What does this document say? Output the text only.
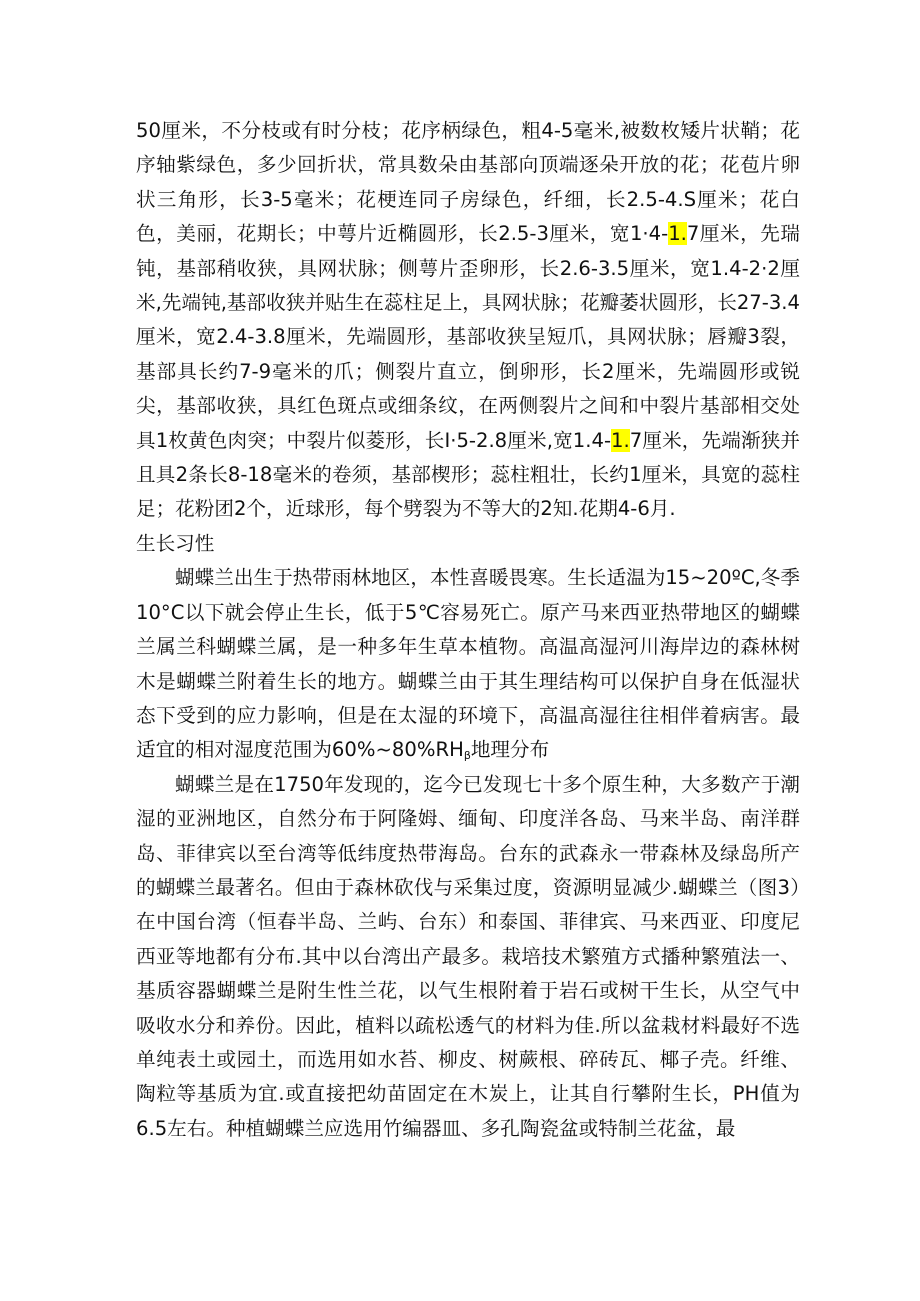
50厘米，不分枝或有时分枝；花序柄绿色，粗4-5毫米,被数枚矮片状鞘；花序轴紫绿色，多少回折状，常具数朵由基部向顶端逐朵开放的花；花苞片卵状三角形，长3-5毫米；花梗连同子房绿色，纤细，长2.5-4.S厘米；花白色，美丽，花期长；中萼片近椭圆形，长2.5-3厘米，宽1·4-1.7厘米，先瑞钝，基部稍收狭，具网状脉；侧萼片歪卵形，长2.6-3.5厘米，宽1.4-2·2厘米,先端钝,基部收狭并贴生在蕊柱足上，具网状脉；花瓣萎状圆形，长27-3.4厘米，宽2.4-3.8厘米，先端圆形，基部收狭呈短爪，具网状脉；唇瓣3裂，基部具长约7-9毫米的爪；侧裂片直立，倒卵形，长2厘米，先端圆形或锐尖，基部收狭，具红色斑点或细条纹，在两侧裂片之间和中裂片基部相交处具1枚黄色肉突；中裂片似菱形，长I·5-2.8厘米,宽1.4-1.7厘米，先端渐狭并且具2条长8-18毫米的卷须，基部楔形；蕊柱粗壮，长约1厘米，具宽的蕊柱足；花粉团2个，近球形，每个劈裂为不等大的2知.花期4-6月.

生长习性

蝴蝶兰出生于热带雨林地区，本性喜暖畏寒。生长适温为15~20ºC,冬季10°C以下就会停止生长，低于5℃容易死亡。原产马来西亚热带地区的蝴蝶兰属兰科蝴蝶兰属，是一种多年生草本植物。高温高湿河川海岸边的森林树木是蝴蝶兰附着生长的地方。蝴蝶兰由于其生理结构可以保护自身在低湿状态下受到的应力影响，但是在太湿的环境下，高温高湿往往相伴着病害。最适宜的相对湿度范围为$60\%\sim 80\%RH_\beta$地理分布

蝴蝶兰是在1750年发现的，迄今已发现七十多个原生种，大多数产于潮湿的亚洲地区，自然分布于阿隆姆、缅甸、印度洋各岛、马来半岛、南洋群岛、菲律宾以至台湾等低纬度热带海岛。台东的武森永一带森林及绿岛所产的蝴蝶兰最著名。但由于森林砍伐与采集过度，资源明显减少.蝴蝶兰（图3）在中国台湾（恒春半岛、兰屿、台东）和泰国、菲律宾、马来西亚、印度尼西亚等地都有分布.其中以台湾出产最多。栽培技术繁殖方式播种繁殖法一、基质容器蝴蝶兰是附生性兰花，以气生根附着于岩石或树干生长，从空气中吸收水分和养份。因此，植料以疏松透气的材料为佳.所以盆栽材料最好不选单纯表土或园土，而选用如水苔、柳皮、树蕨根、碎砖瓦、椰子壳。纤维、陶粒等基质为宜.或直接把幼苗固定在木炭上，让其自行攀附生长，PH值为6.5左右。种植蝴蝶兰应选用竹编器皿、多孔陶瓷盆或特制兰花盆，最
